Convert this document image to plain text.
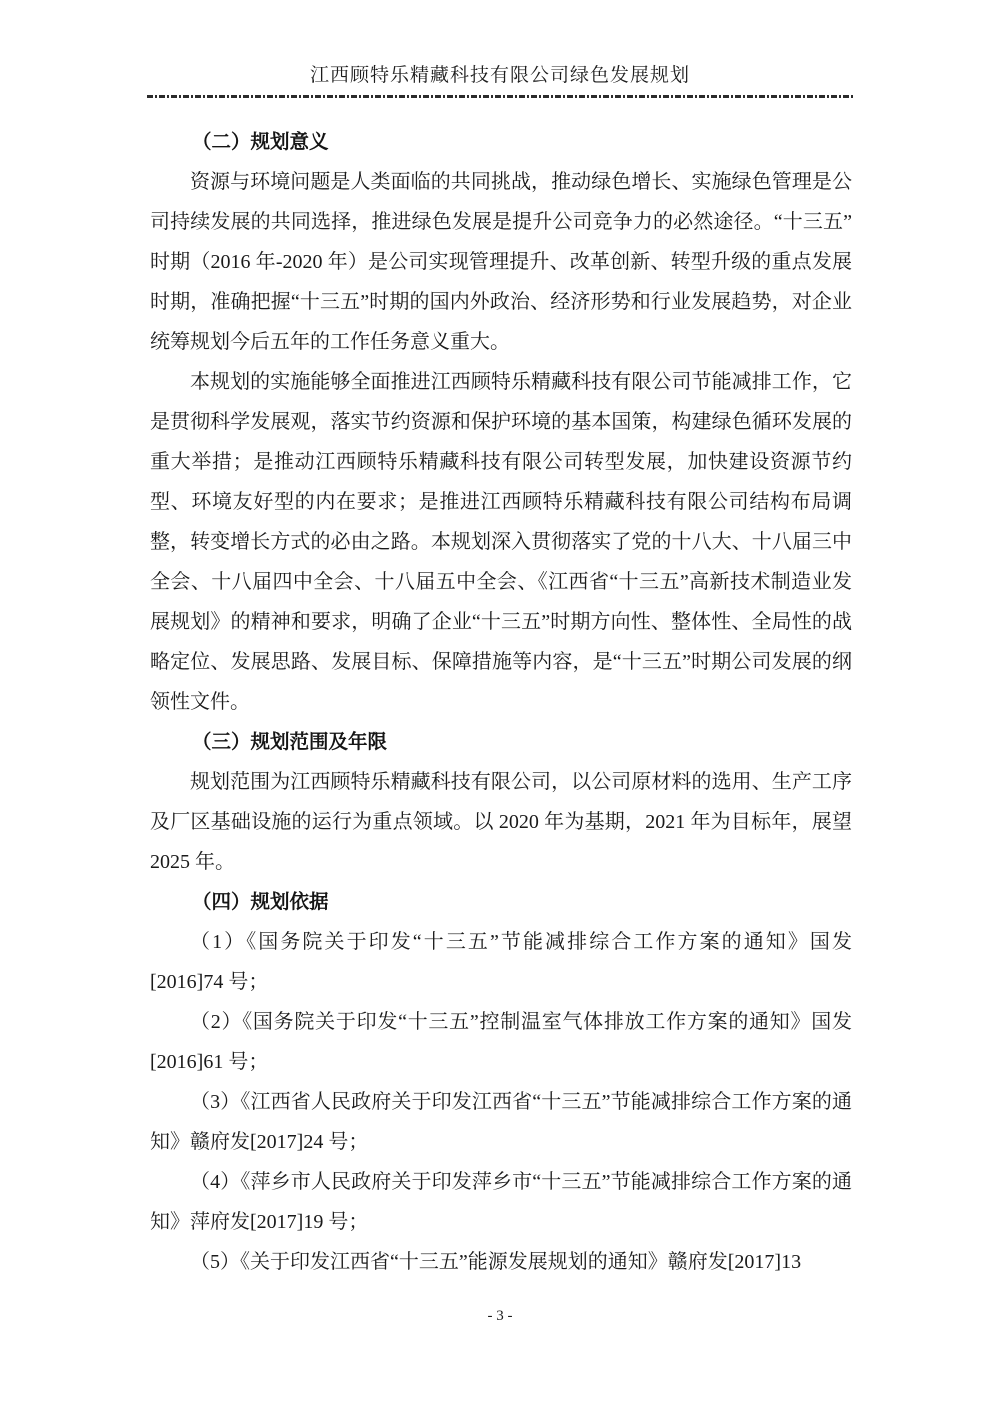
江西顾特乐精藏科技有限公司绿色发展规划
（二）规划意义

资源与环境问题是人类面临的共同挑战，推动绿色增长、实施绿色管理是公司持续发展的共同选择，推进绿色发展是提升公司竞争力的必然途径。“十三五”时期（2016 年-2020 年）是公司实现管理提升、改革创新、转型升级的重点发展时期，准确把握“十三五”时期的国内外政治、经济形势和行业发展趋势，对企业统筹规划今后五年的工作任务意义重大。

本规划的实施能够全面推进江西顾特乐精藏科技有限公司节能减排工作，它是贯彻科学发展观，落实节约资源和保护环境的基本国策，构建绿色循环发展的重大举措；是推动江西顾特乐精藏科技有限公司转型发展，加快建设资源节约型、环境友好型的内在要求；是推进江西顾特乐精藏科技有限公司结构布局调整，转变增长方式的必由之路。本规划深入贯彻落实了党的十八大、十八届三中全会、十八届四中全会、十八届五中全会、《江西省“十三五”高新技术制造业发展规划》的精神和要求，明确了企业“十三五”时期方向性、整体性、全局性的战略定位、发展思路、发展目标、保障措施等内容，是“十三五”时期公司发展的纲领性文件。

（三）规划范围及年限

规划范围为江西顾特乐精藏科技有限公司，以公司原材料的选用、生产工序及厂区基础设施的运行为重点领域。以 2020 年为基期，2021 年为目标年，展望 2025 年。

（四）规划依据

（1）《国务院关于印发“十三五”节能减排综合工作方案的通知》国发[2016]74 号；

（2）《国务院关于印发“十三五”控制温室气体排放工作方案的通知》国发[2016]61 号；

（3）《江西省人民政府关于印发江西省“十三五”节能减排综合工作方案的通知》赣府发[2017]24 号；

（4）《萍乡市人民政府关于印发萍乡市“十三五”节能减排综合工作方案的通知》萍府发[2017]19 号；

（5）《关于印发江西省“十三五”能源发展规划的通知》赣府发[2017]13

- 3 -
